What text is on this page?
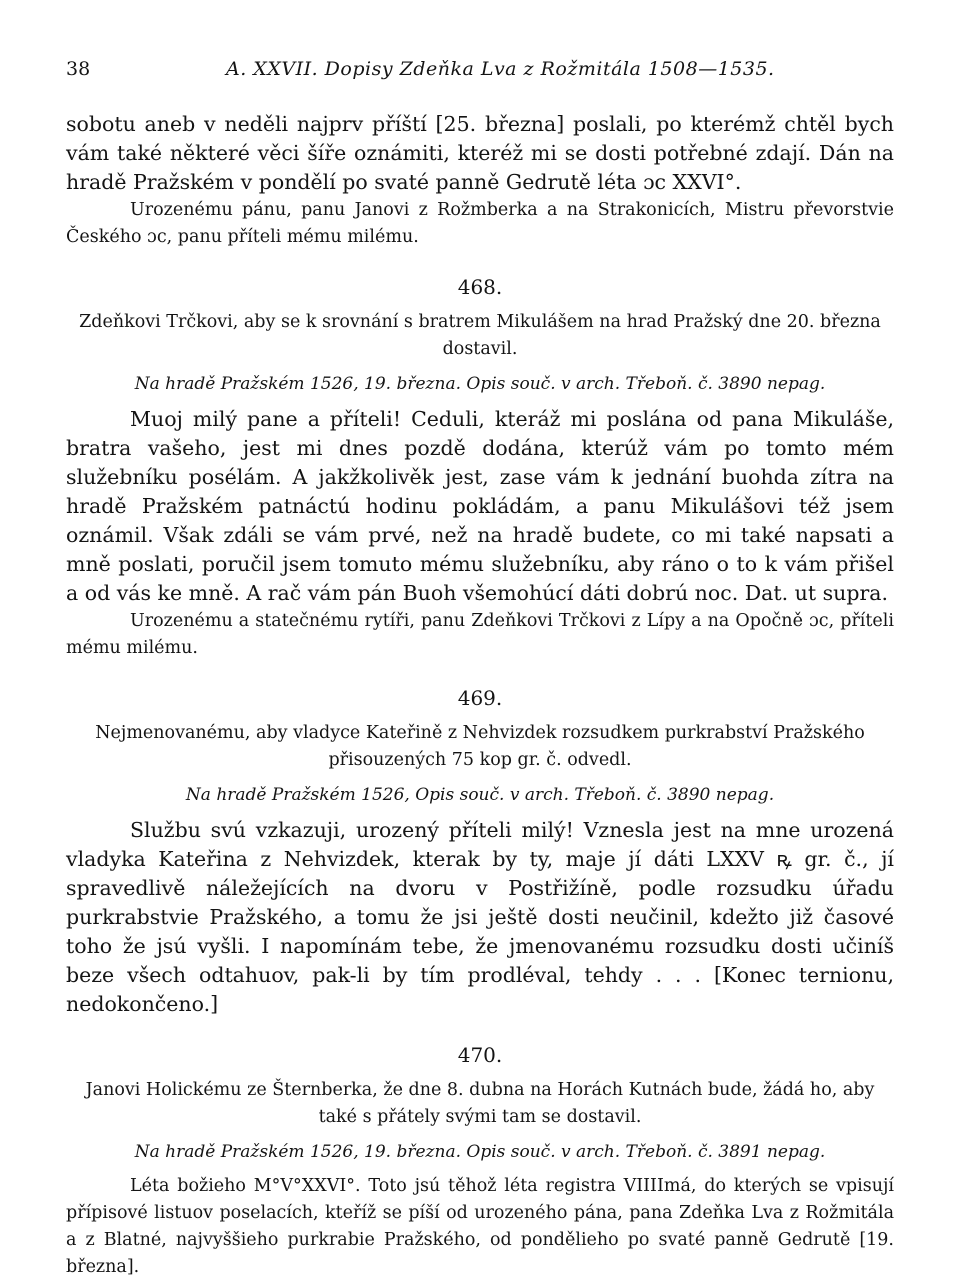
38	A. XXVII. Dopisy Zdeňka Lva z Rožmitála 1508—1535.

sobotu aneb v neděli najprv příští [25. března] poslali, po kterémž chtěl bych vám také některé věci šíře oznámiti, kteréž mi se dosti potřebné zdají. Dán na hradě Pražském v pondělí po svaté panně Gedrutě léta ɔc XXVI°.

Urozenému pánu, panu Janovi z Rožmberka a na Strakonicích, Mistru převorstvie Českého ɔc, panu příteli mému milému.

468.

Zdeňkovi Trčkovi, aby se k srovnání s bratrem Mikulášem na hrad Pražský dne 20. března dostavil.

Na hradě Pražském 1526, 19. března. Opis souč. v arch. Třeboň. č. 3890 nepag.

Muoj milý pane a příteli! Ceduli, kteráž mi poslána od pana Mikuláše, bratra vašeho, jest mi dnes pozdě dodána, kterúž vám po tomto mém služebníku posélám. A jakžkolivěk jest, zase vám k jednání buohda zítra na hradě Pražském patnáctú hodinu pokládám, a panu Mikulášovi též jsem oznámil. Však zdáli se vám prvé, než na hradě budete, co mi také napsati a mně poslati, poručil jsem tomuto mému služebníku, aby ráno o to k vám přišel a od vás ke mně. A rač vám pán Buoh všemohúcí dáti dobrú noc. Dat. ut supra.

Urozenému a statečnému rytíři, panu Zdeňkovi Trčkovi z Lípy a na Opočně ɔc, příteli mému milému.

469.

Nejmenovanému, aby vladyce Kateřině z Nehvizdek rozsudkem purkrabství Pražského přisouzených 75 kop gr. č. odvedl.

Na hradě Pražském 1526, Opis souč. v arch. Třeboň. č. 3890 nepag.

Službu svú vzkazuji, urozený příteli milý! Vznesla jest na mne urozená vladyka Kateřina z Nehvizdek, kterak by ty, maje jí dáti LXXV ꝶ gr. č., jí spravedlivě náležejících na dvoru v Postřižíně, podle rozsudku úřadu purkrabstvie Pražského, a tomu že jsi ještě dosti neučinil, kdežto již časové toho že jsú vyšli. I napomínám tebe, že jmenovanému rozsudku dosti učiníš beze všech odtahuov, pak-li by tím prodléval, tehdy . . . [Konec ternionu, nedokončeno.]

470.

Janovi Holickému ze Šternberka, že dne 8. dubna na Horách Kutnách bude, žádá ho, aby také s přátely svými tam se dostavil.

Na hradě Pražském 1526, 19. března. Opis souč. v arch. Třeboň. č. 3891 nepag.

Léta božieho M°V°XXVI°. Toto jsú těhož léta registra VIIIImá, do kterých se vpisují přípisové listuov poselacích, kteříž se píší od urozeného pána, pana Zdeňka Lva z Rožmitála a z Blatné, najvyššieho purkrabie Pražského, od pondělieho po svaté panně Gedrutě [19. března].
